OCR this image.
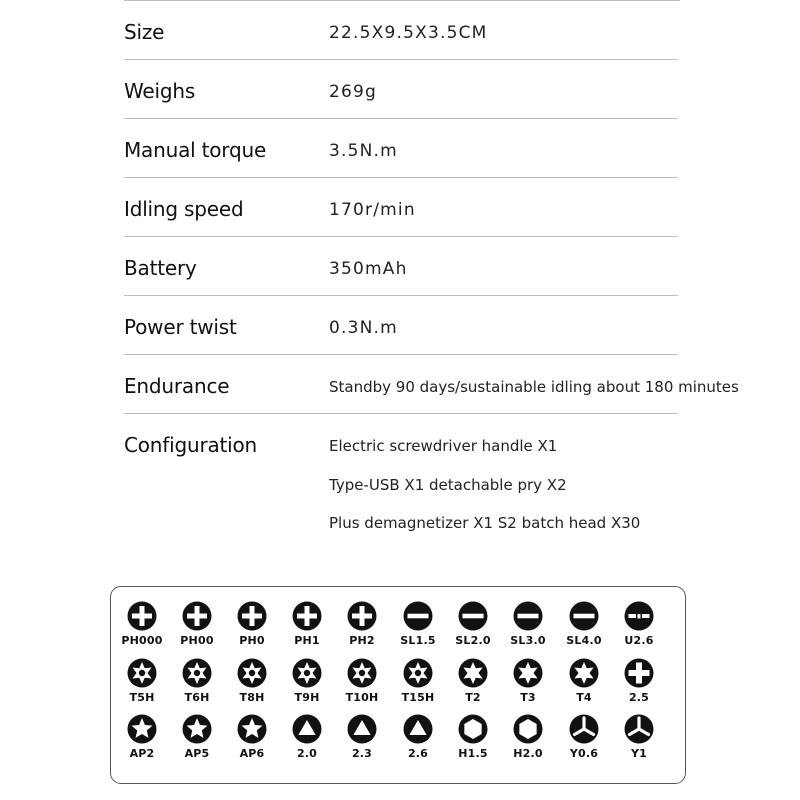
Size	22.5X9.5X3.5CM
Weighs	269g
Manual torque	3.5N.m
Idling speed	170r/min
Battery	350mAh
Power twist	0.3N.m
Endurance	Standby 90 days/sustainable idling about 180 minutes
Configuration	Electric screwdriver handle X1
Type-USB X1 detachable pry X2
Plus demagnetizer X1 S2 batch head X30
PH000	PH00	PH0	PH1	PH2	SL1.5	SL2.0	SL3.0	SL4.0	U2.6
T5H	T6H	T8H	T9H	T10H	T15H	T2	T3	T4	2.5
AP2	AP5	AP6	2.0	2.3	2.6	H1.5	H2.0	Y0.6	Y1
